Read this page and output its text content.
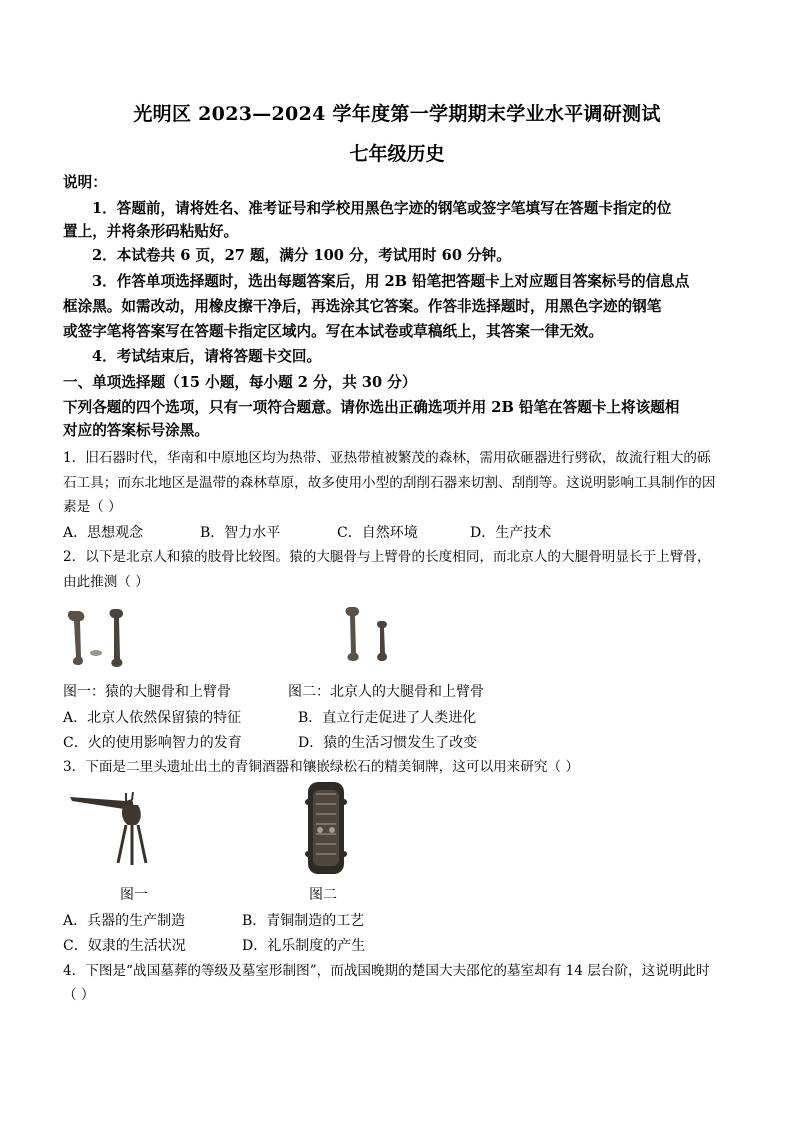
光明区 2023—2024 学年度第一学期期末学业水平调研测试
七年级历史
说明：
1．答题前，请将姓名、准考证号和学校用黑色字迹的钢笔或签字笔填写在答题卡指定的位
置上，并将条形码粘贴好。
2．本试卷共 6 页，27 题，满分 100 分，考试用时 60 分钟。
3．作答单项选择题时，选出每题答案后，用 2B 铅笔把答题卡上对应题目答案标号的信息点
框涂黑。如需改动，用橡皮擦干净后，再选涂其它答案。作答非选择题时，用黑色字迹的钢笔
或签字笔将答案写在答题卡指定区域内。写在本试卷或草稿纸上，其答案一律无效。
4．考试结束后，请将答题卡交回。
一、单项选择题（15 小题，每小题 2 分，共 30 分）
下列各题的四个选项，只有一项符合题意。请你选出正确选项并用 2B 铅笔在答题卡上将该题相
对应的答案标号涂黑。
1．旧石器时代，华南和中原地区均为热带、亚热带植被繁茂的森林，需用砍砸器进行劈砍，故流行粗大的砾
石工具；而东北地区是温带的森林草原，故多使用小型的刮削石器来切割、刮削等。这说明影响工具制作的因
素是（ ）
A．思想观念	B．智力水平	C．自然环境	D．生产技术
2．以下是北京人和猿的肢骨比较图。猿的大腿骨与上臂骨的长度相同，而北京人的大腿骨明显长于上臂骨，
由此推测（ ）
图一：猿的大腿骨和上臂骨	图二：北京人的大腿骨和上臂骨
A．北京人依然保留猿的特征	B．直立行走促进了人类进化
C．火的使用影响智力的发育	D．猿的生活习惯发生了改变
3．下面是二里头遗址出土的青铜酒器和镶嵌绿松石的精美铜牌，这可以用来研究（ ）
图一	图二
A．兵器的生产制造	B．青铜制造的工艺
C．奴隶的生活状况	D．礼乐制度的产生
4．下图是“战国墓葬的等级及墓室形制图”，而战国晚期的楚国大夫邵佗的墓室却有 14 层台阶，这说明此时
（ ）
